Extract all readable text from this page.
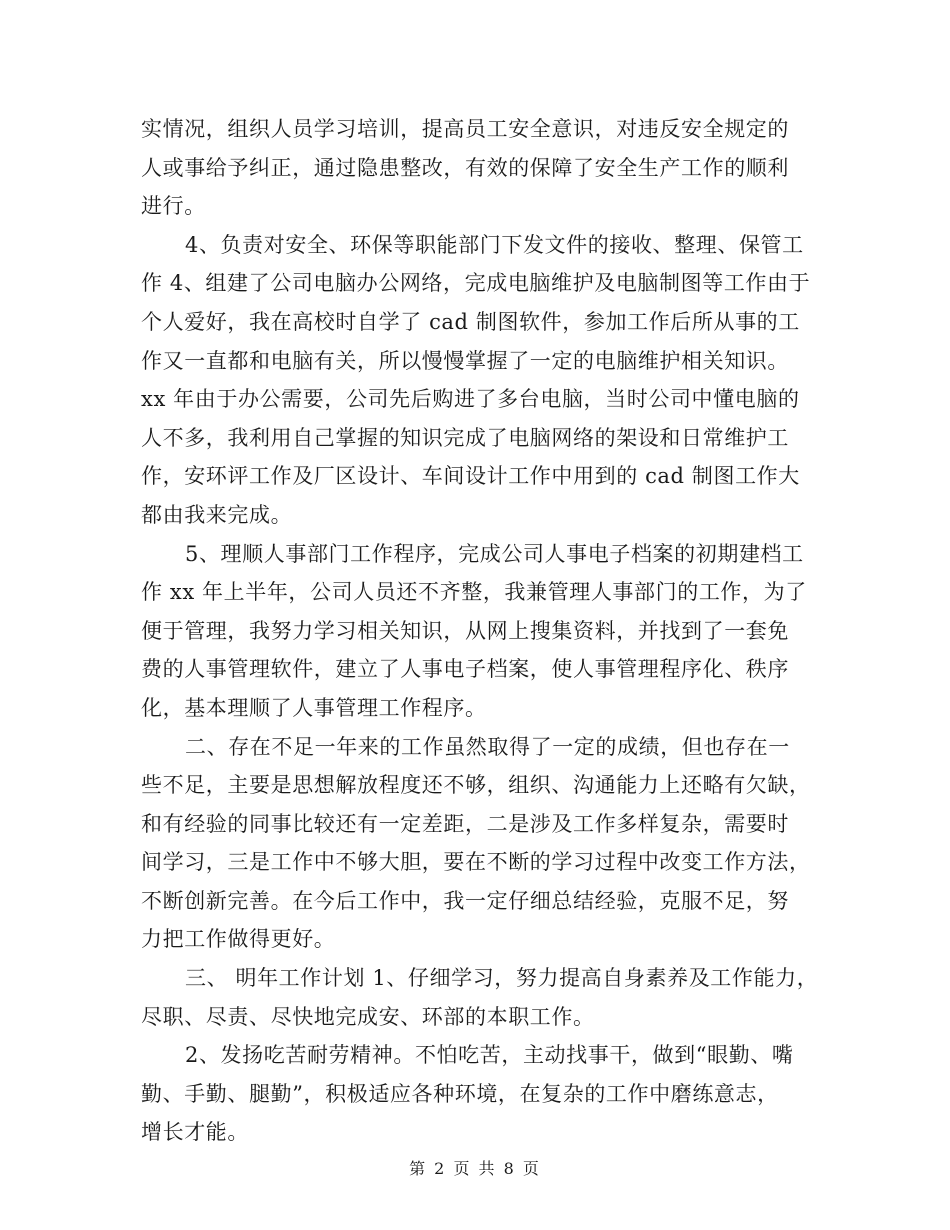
实情况，组织人员学习培训，提高员工安全意识，对违反安全规定的
人或事给予纠正，通过隐患整改，有效的保障了安全生产工作的顺利
进行。
4、负责对安全、环保等职能部门下发文件的接收、整理、保管工
作 4、组建了公司电脑办公网络，完成电脑维护及电脑制图等工作由于
个人爱好，我在高校时自学了 cad 制图软件，参加工作后所从事的工
作又一直都和电脑有关，所以慢慢掌握了一定的电脑维护相关知识。
xx 年由于办公需要，公司先后购进了多台电脑，当时公司中懂电脑的
人不多，我利用自己掌握的知识完成了电脑网络的架设和日常维护工
作，安环评工作及厂区设计、车间设计工作中用到的 cad 制图工作大
都由我来完成。
5、理顺人事部门工作程序，完成公司人事电子档案的初期建档工
作 xx 年上半年，公司人员还不齐整，我兼管理人事部门的工作，为了
便于管理，我努力学习相关知识，从网上搜集资料，并找到了一套免
费的人事管理软件，建立了人事电子档案，使人事管理程序化、秩序
化，基本理顺了人事管理工作程序。
二、存在不足一年来的工作虽然取得了一定的成绩，但也存在一
些不足，主要是思想解放程度还不够，组织、沟通能力上还略有欠缺，
和有经验的同事比较还有一定差距，二是涉及工作多样复杂，需要时
间学习，三是工作中不够大胆，要在不断的学习过程中改变工作方法，
不断创新完善。在今后工作中，我一定仔细总结经验，克服不足，努
力把工作做得更好。
三、 明年工作计划 1、仔细学习，努力提高自身素养及工作能力，
尽职、尽责、尽快地完成安、环部的本职工作。
2、发扬吃苦耐劳精神。不怕吃苦，主动找事干，做到“眼勤、嘴
勤、手勤、腿勤”，积极适应各种环境，在复杂的工作中磨练意志，
增长才能。
第 2 页 共 8 页
